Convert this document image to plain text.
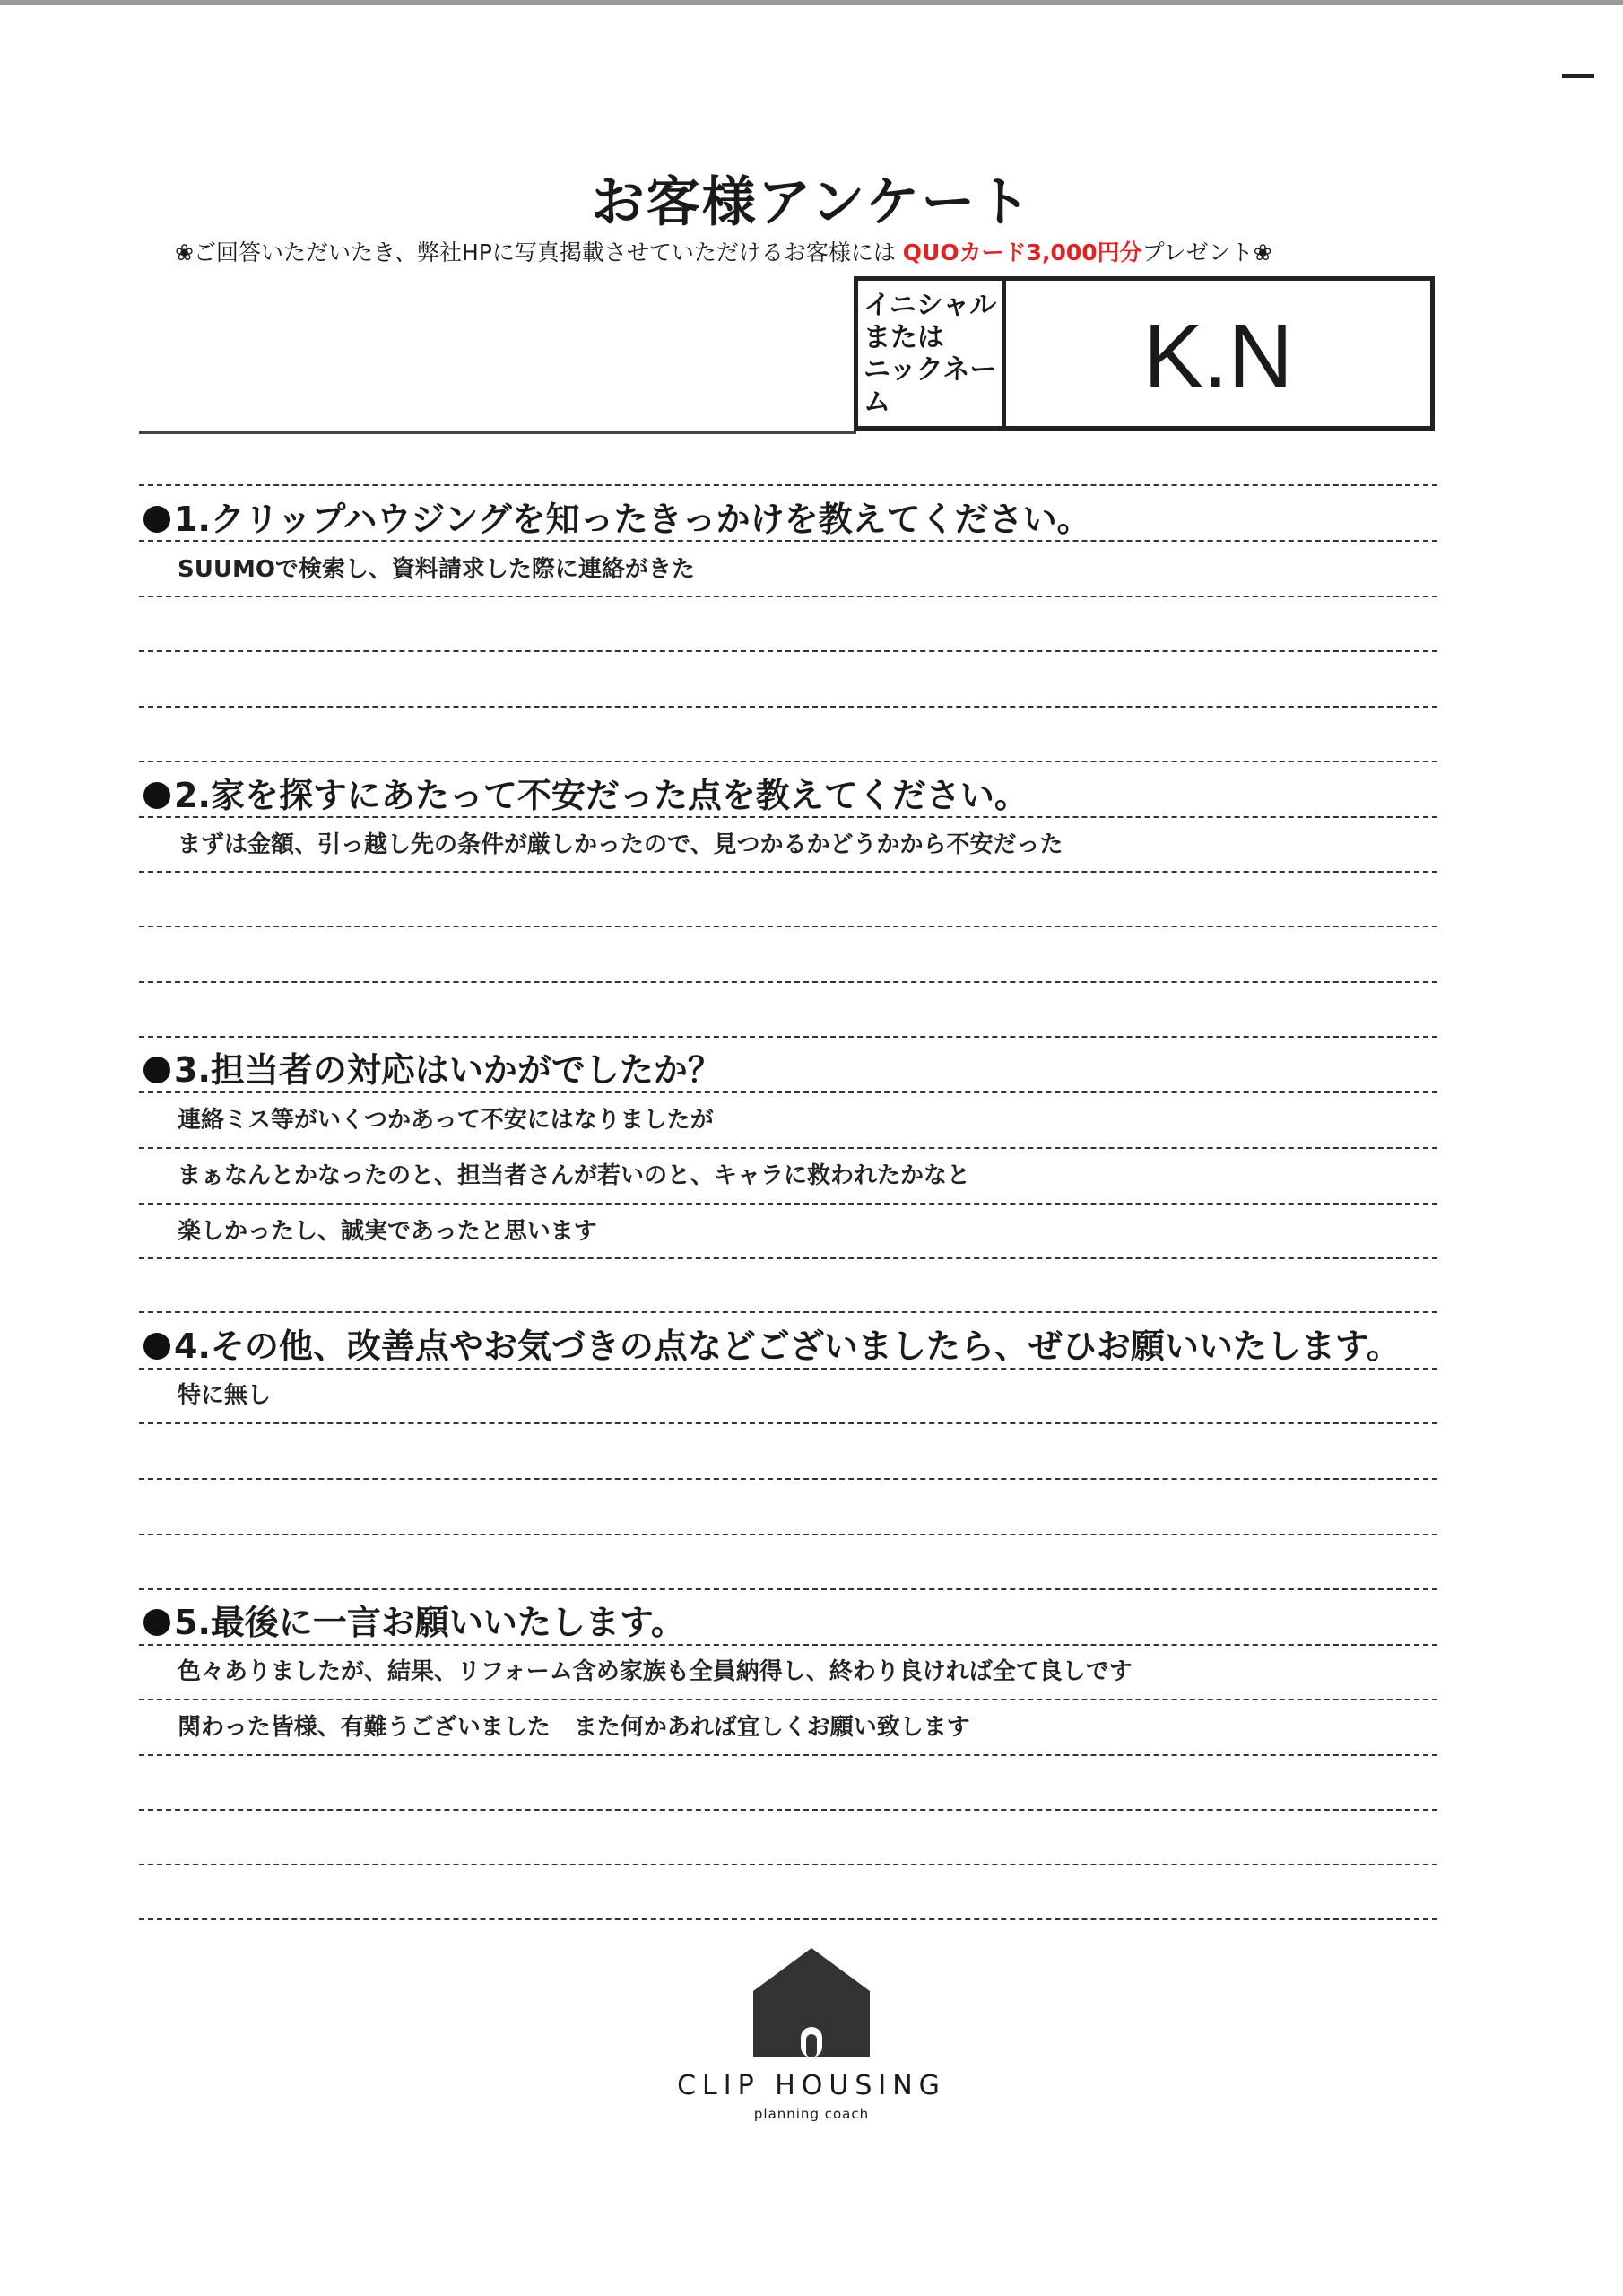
お客様アンケート
❀ご回答いただいたき、弊社HPに写真掲載させていただけるお客様には QUOカード3,000円分プレゼント❀
イニシャル
または
ニックネー
ム	K.N
1.クリップハウジングを知ったきっかけを教えてください。
SUUMOで検索し、資料請求した際に連絡がきた
2.家を探すにあたって不安だった点を教えてください。
まずは金額、引っ越し先の条件が厳しかったので、見つかるかどうかから不安だった
3.担当者の対応はいかがでしたか？
連絡ミス等がいくつかあって不安にはなりましたが
まぁなんとかなったのと、担当者さんが若いのと、キャラに救われたかなと
楽しかったし、誠実であったと思います
4.その他、改善点やお気づきの点などございましたら、ぜひお願いいたします。
特に無し
5.最後に一言お願いいたします。
色々ありましたが、結果、リフォーム含め家族も全員納得し、終わり良ければ全て良しです
関わった皆様、有難うございました　また何かあれば宜しくお願い致します
CLIP HOUSING
planning coach
